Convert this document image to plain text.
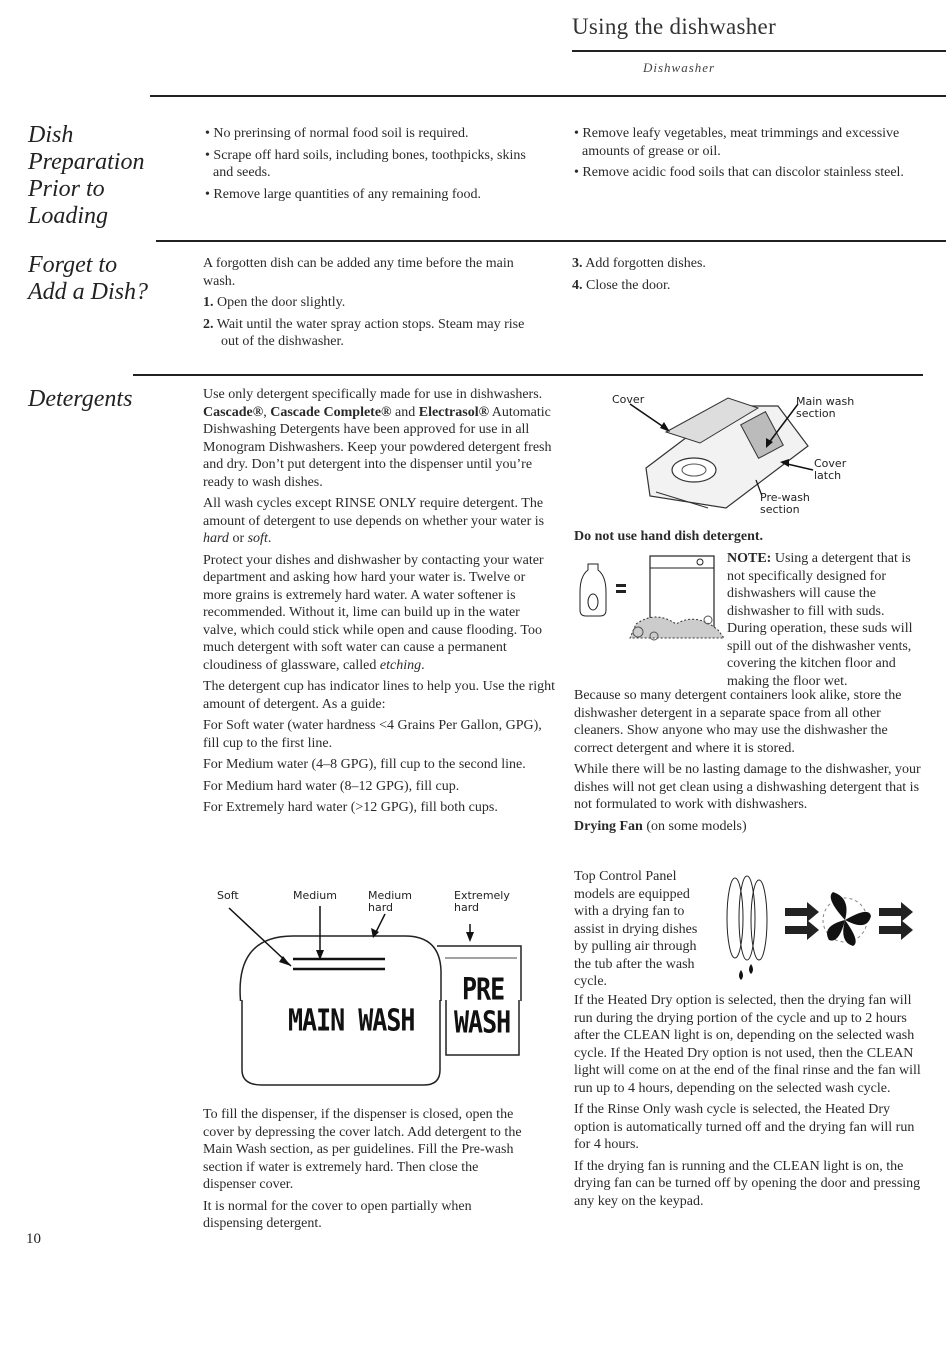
Using the dishwasher
Dishwasher
Dish Preparation Prior to Loading

• No prerinsing of normal food soil is required.

• Scrape off hard soils, including bones, toothpicks, skins and seeds.

• Remove large quantities of any remaining food.

• Remove leafy vegetables, meat trimmings and excessive amounts of grease or oil.

• Remove acidic food soils that can discolor stainless steel.

Forget to Add a Dish?

A forgotten dish can be added any time before the main wash.

1. Open the door slightly.

2. Wait until the water spray action stops. Steam may rise out of the dishwasher.

3. Add forgotten dishes.

4. Close the door.

Detergents	Use only detergent specifically made for use in dishwashers. Cascade®, Cascade Complete® and Electrasol® Automatic Dishwashing Detergents have been approved for use in all Monogram Dishwashers. Keep your powdered detergent fresh and dry. Don’t put detergent into the dispenser until you’re ready to wash dishes.

All wash cycles except RINSE ONLY require detergent. The amount of detergent to use depends on whether your water is hard or soft.

Protect your dishes and dishwasher by contacting your water department and asking how hard your water is. Twelve or more grains is extremely hard water. A water softener is recommended. Without it, lime can build up in the water valve, which could stick while open and cause flooding. Too much detergent with soft water can cause a permanent cloudiness of glassware, called etching.

The detergent cup has indicator lines to help you. Use the right amount of detergent. As a guide:

For Soft water (water hardness <4 Grains Per Gallon, GPG), fill cup to the first line.

For Medium water (4–8 GPG), fill cup to the second line.

For Medium hard water (8–12 GPG), fill cup.

For Extremely hard water (>12 GPG), fill both cups.

Soft	Medium	Medium hard
Extremely hard
MAIN WASH
PRE
WASH

To fill the dispenser, if the dispenser is closed, open the cover by depressing the cover latch. Add detergent to the Main Wash section, as per guidelines. Fill the Pre-wash section if water is extremely hard. Then close the dispenser cover.

It is normal for the cover to open partially when dispensing detergent.

Cover	Main wash section
Cover latch
Pre-wash section
Do not use hand dish detergent.

NOTE: Using a detergent that is not specifically designed for dishwashers will cause the dishwasher to fill with suds. During operation, these suds will spill out of the dishwasher vents, covering the kitchen floor and making the floor wet.

Because so many detergent containers look alike, store the dishwasher detergent in a separate space from all other cleaners. Show anyone who may use the dishwasher the correct detergent and where it is stored.

While there will be no lasting damage to the dishwasher, your dishes will not get clean using a dishwashing detergent that is not formulated to work with dishwashers.

Drying Fan (on some models)

Top Control Panel models are equipped with a drying fan to assist in drying dishes by pulling air through the tub after the wash cycle.

If the Heated Dry option is selected, then the drying fan will run during the drying portion of the cycle and up to 2 hours after the CLEAN light is on, depending on the selected wash cycle. If the Heated Dry option is not used, then the CLEAN light will come on at the end of the final rinse and the fan will run up to 4 hours, depending on the selected wash cycle.

If the Rinse Only wash cycle is selected, the Heated Dry option is automatically turned off and the drying fan will run for 4 hours.

If the drying fan is running and the CLEAN light is on, the drying fan can be turned off by opening the door and pressing any key on the keypad.

10
